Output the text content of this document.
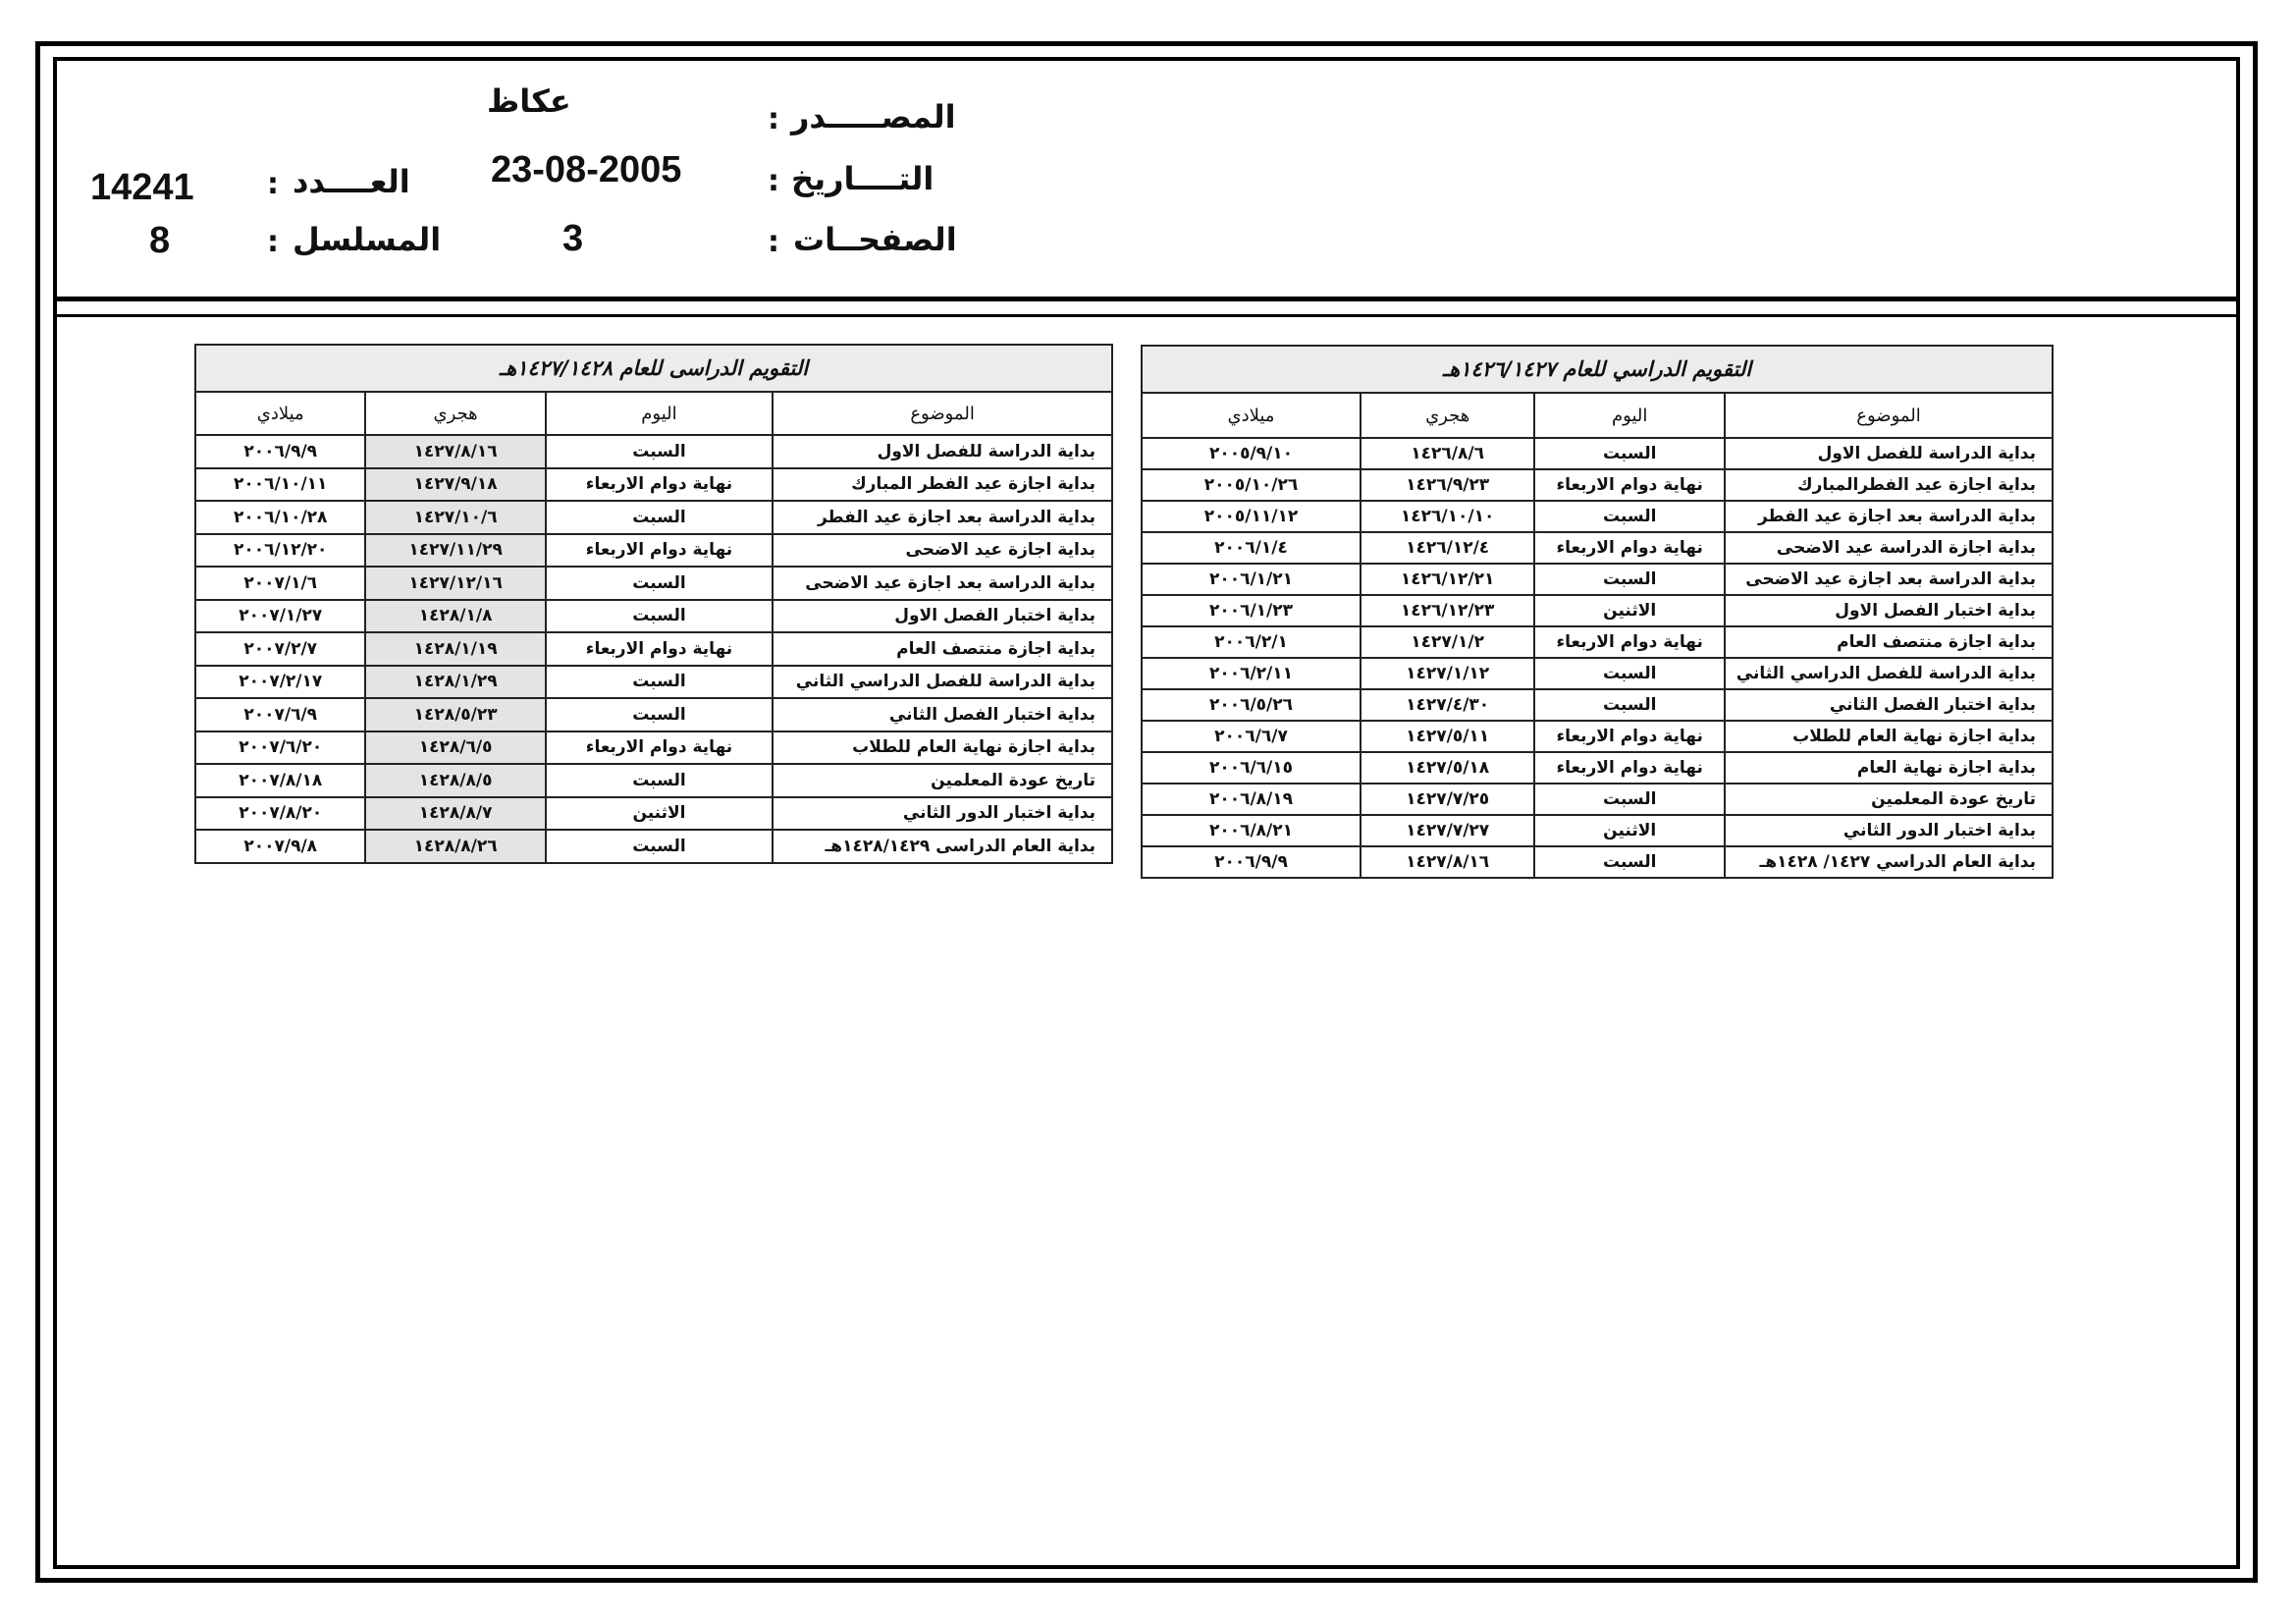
المصـــــدر
:
عكاظ
التــــاريخ
:
23-08-2005
الصفحــات
:
3
العــــدد
:
14241
المسلسل
:
8
التقويم الدراسي للعام ١٤٢٦/١٤٢٧هـ			
الموضوع	اليوم	هجري	ميلادي
بداية الدراسة للفصل الاول	السبت	١٤٢٦/٨/٦	٢٠٠٥/٩/١٠
بداية اجازة عيد الفطرالمبارك	نهاية دوام الاربعاء	١٤٢٦/٩/٢٣	٢٠٠٥/١٠/٢٦
بداية الدراسة بعد اجازة عيد الفطر	السبت	١٤٢٦/١٠/١٠	٢٠٠٥/١١/١٢
بداية اجازة الدراسة عيد الاضحى	نهاية دوام الاربعاء	١٤٢٦/١٢/٤	٢٠٠٦/١/٤
بداية الدراسة بعد اجازة عيد الاضحى	السبت	١٤٢٦/١٢/٢١	٢٠٠٦/١/٢١
بداية اختبار الفصل الاول	الاثنين	١٤٢٦/١٢/٢٣	٢٠٠٦/١/٢٣
بداية اجازة منتصف العام	نهاية دوام الاربعاء	١٤٢٧/١/٢	٢٠٠٦/٢/١
بداية الدراسة للفصل الدراسي الثاني	السبت	١٤٢٧/١/١٢	٢٠٠٦/٢/١١
بداية اختبار الفصل الثاني	السبت	١٤٢٧/٤/٣٠	٢٠٠٦/٥/٢٦
بداية اجازة نهاية العام للطلاب	نهاية دوام الاربعاء	١٤٢٧/٥/١١	٢٠٠٦/٦/٧
بداية اجازة نهاية العام	نهاية دوام الاربعاء	١٤٢٧/٥/١٨	٢٠٠٦/٦/١٥
تاريخ عودة المعلمين	السبت	١٤٢٧/٧/٢٥	٢٠٠٦/٨/١٩
بداية اختبار الدور الثاني	الاثنين	١٤٢٧/٧/٢٧	٢٠٠٦/٨/٢١
بداية العام الدراسي ١٤٢٧/ ١٤٢٨هـ	السبت	١٤٢٧/٨/١٦	٢٠٠٦/٩/٩
التقويم الدراسى للعام ١٤٢٧/١٤٢٨هـ			
الموضوع	اليوم	هجري	ميلادي
بداية الدراسة للفصل الاول	السبت	١٤٢٧/٨/١٦	٢٠٠٦/٩/٩
بداية اجازة عيد الفطر المبارك	نهاية دوام الاربعاء	١٤٢٧/٩/١٨	٢٠٠٦/١٠/١١
بداية الدراسة بعد اجازة عيد الفطر	السبت	١٤٢٧/١٠/٦	٢٠٠٦/١٠/٢٨
بداية اجازة عيد الاضحى	نهاية دوام الاربعاء	١٤٢٧/١١/٢٩	٢٠٠٦/١٢/٢٠
بداية الدراسة بعد اجازة عيد الاضحى	السبت	١٤٢٧/١٢/١٦	٢٠٠٧/١/٦
بداية اختبار الفصل الاول	السبت	١٤٢٨/١/٨	٢٠٠٧/١/٢٧
بداية اجازة منتصف العام	نهاية دوام الاربعاء	١٤٢٨/١/١٩	٢٠٠٧/٢/٧
بداية الدراسة للفصل الدراسي الثاني	السبت	١٤٢٨/١/٢٩	٢٠٠٧/٢/١٧
بداية اختبار الفصل الثاني	السبت	١٤٢٨/٥/٢٣	٢٠٠٧/٦/٩
بداية اجازة نهاية العام للطلاب	نهاية دوام الاربعاء	١٤٢٨/٦/٥	٢٠٠٧/٦/٢٠
تاريخ عودة المعلمين	السبت	١٤٢٨/٨/٥	٢٠٠٧/٨/١٨
بداية اختبار الدور الثاني	الاثنين	١٤٢٨/٨/٧	٢٠٠٧/٨/٢٠
بداية العام الدراسى ١٤٢٨/١٤٢٩هـ	السبت	١٤٢٨/٨/٢٦	٢٠٠٧/٩/٨
